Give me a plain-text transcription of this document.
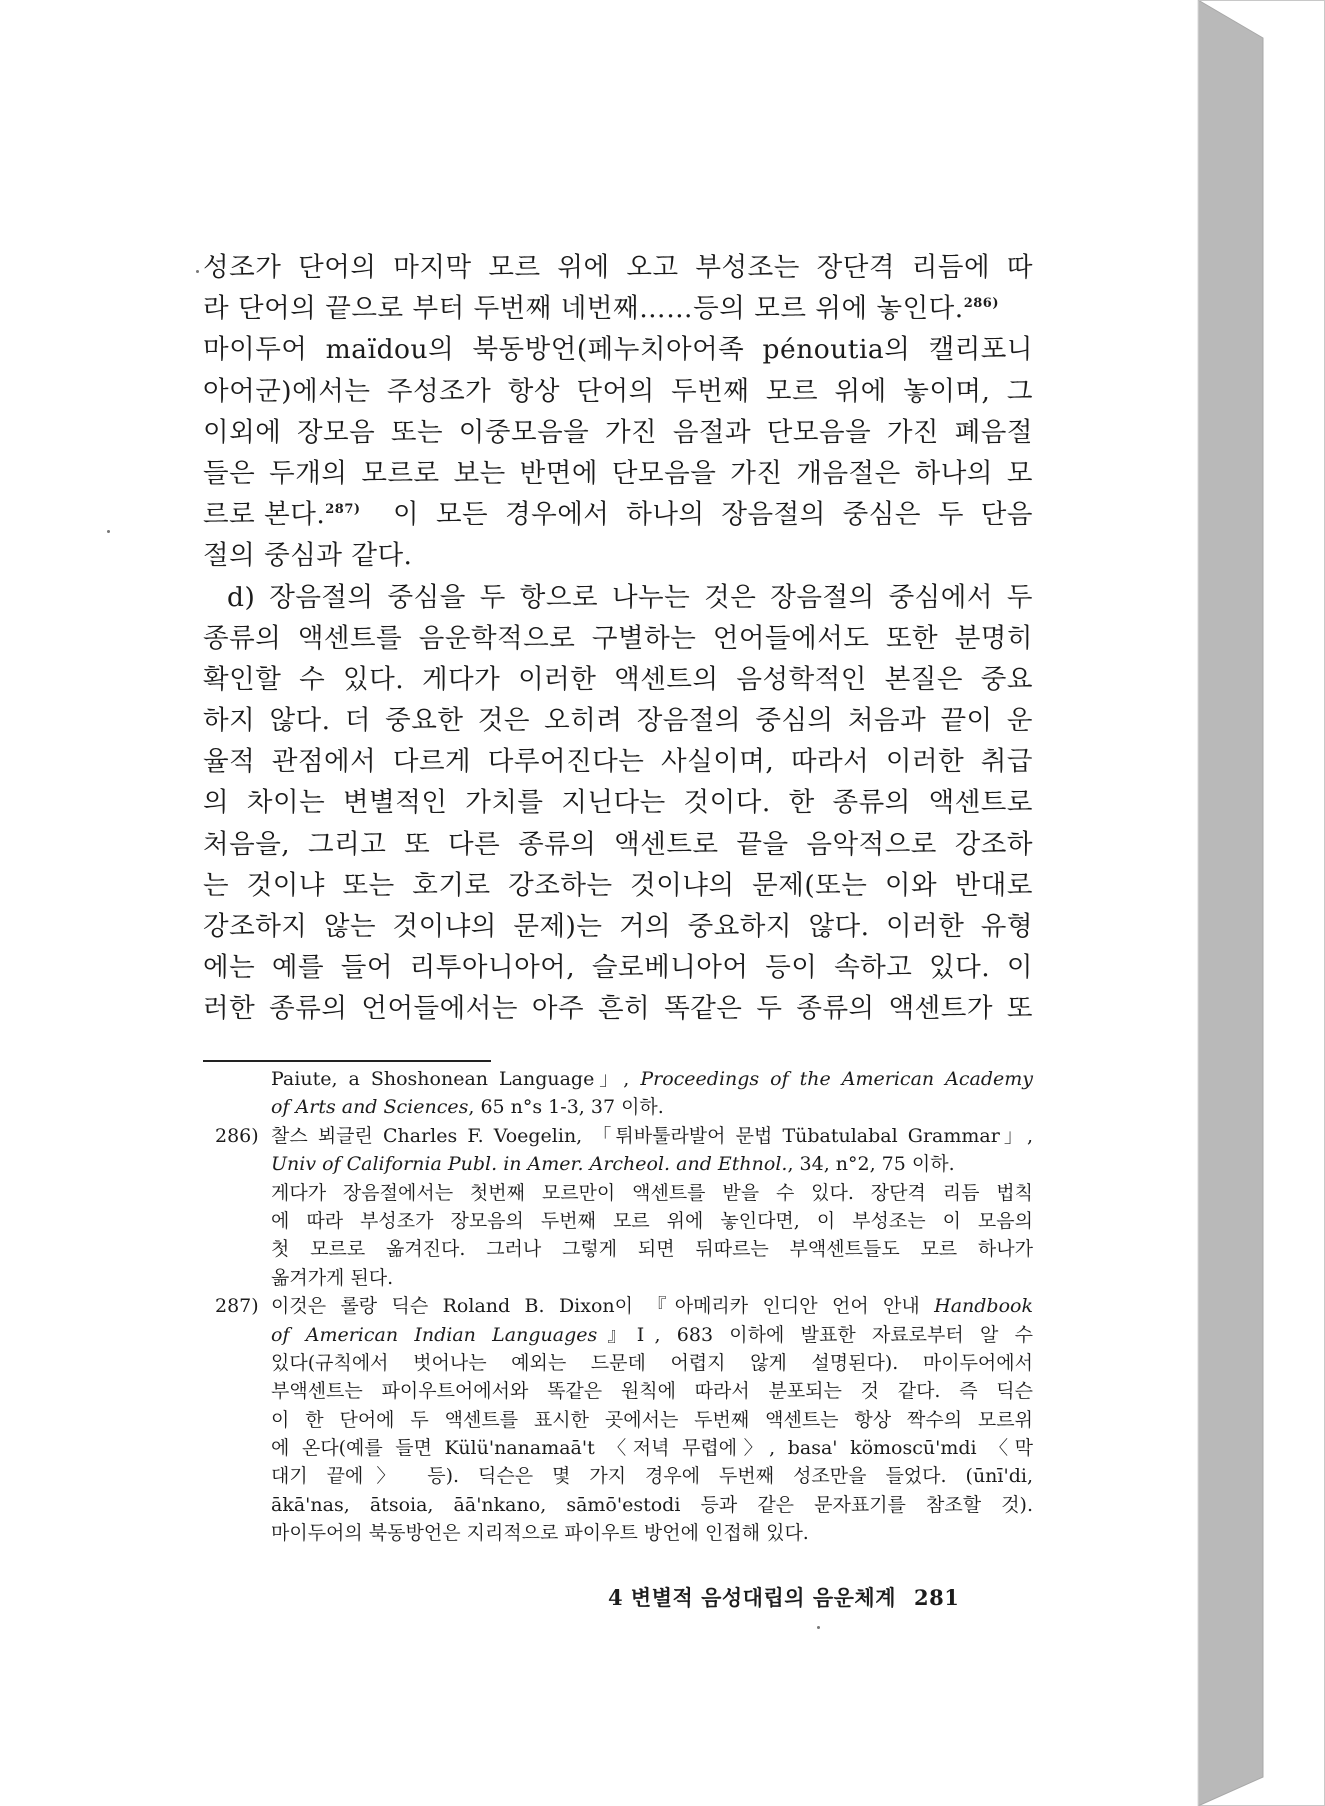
성조가 단어의 마지막 모르 위에 오고 부성조는 장단격 리듬에 따
라 단어의 끝으로 부터 두번째 네번째……등의 모르 위에 놓인다.$^{286)}$
마이두어 maïdou의 북동방언(페누치아어족 pénoutia의 캘리포니
아어군)에서는 주성조가 항상 단어의 두번째 모르 위에 놓이며, 그
이외에 장모음 또는 이중모음을 가진 음절과 단모음을 가진 폐음절
들은 두개의 모르로 보는 반면에 단모음을 가진 개음절은 하나의 모
르로 본다.$^{287)}$ 이 모든 경우에서 하나의 장음절의 중심은 두 단음
절의 중심과 같다.
d) 장음절의 중심을 두 항으로 나누는 것은 장음절의 중심에서 두
종류의 액센트를 음운학적으로 구별하는 언어들에서도 또한 분명히
확인할 수 있다. 게다가 이러한 액센트의 음성학적인 본질은 중요
하지 않다. 더 중요한 것은 오히려 장음절의 중심의 처음과 끝이 운
율적 관점에서 다르게 다루어진다는 사실이며, 따라서 이러한 취급
의 차이는 변별적인 가치를 지닌다는 것이다. 한 종류의 액센트로
처음을, 그리고 또 다른 종류의 액센트로 끝을 음악적으로 강조하
는 것이냐 또는 호기로 강조하는 것이냐의 문제(또는 이와 반대로
강조하지 않는 것이냐의 문제)는 거의 중요하지 않다. 이러한 유형
에는 예를 들어 리투아니아어, 슬로베니아어 등이 속하고 있다. 이
러한 종류의 언어들에서는 아주 흔히 똑같은 두 종류의 액센트가 또
Paiute, a Shoshonean Language」, Proceedings of the American Academy
of Arts and Sciences, 65 n°s 1-3, 37 이하.
286) 찰스 뵈글린 Charles F. Voegelin, 「튀바툴라발어 문법 Tübatulabal Grammar」,
Univ of California Publ. in Amer. Archeol. and Ethnol., 34, n°2, 75 이하.
게다가 장음절에서는 첫번째 모르만이 액센트를 받을 수 있다. 장단격 리듬 법칙
에 따라 부성조가 장모음의 두번째 모르 위에 놓인다면, 이 부성조는 이 모음의
첫 모르로 옮겨진다. 그러나 그렇게 되면 뒤따르는 부액센트들도 모르 하나가
옮겨가게 된다.
287) 이것은 롤랑 딕슨 Roland B. Dixon이 『아메리카 인디안 언어 안내 Handbook
of American Indian Languages』Ⅰ, 683 이하에 발표한 자료로부터 알 수
있다(규칙에서 벗어나는 예외는 드문데 어렵지 않게 설명된다). 마이두어에서
부액센트는 파이우트어에서와 똑같은 원칙에 따라서 분포되는 것 같다. 즉 딕슨
이 한 단어에 두 액센트를 표시한 곳에서는 두번째 액센트는 항상 짝수의 모르위
에 온다(예를 들면 Külü'nanamaā't 〈저녁 무렵에〉, basa' kömoscū'mdi 〈막
대기 끝에〉 등). 딕슨은 몇 가지 경우에 두번째 성조만을 들었다. (ūnī'di,
ākā'nas, ātsoia, āā'nkano, sāmō'estodi 등과 같은 문자표기를 참조할 것).
마이두어의 북동방언은 지리적으로 파이우트 방언에 인접해 있다.
4 변별적 음성대립의 음운체계 281
